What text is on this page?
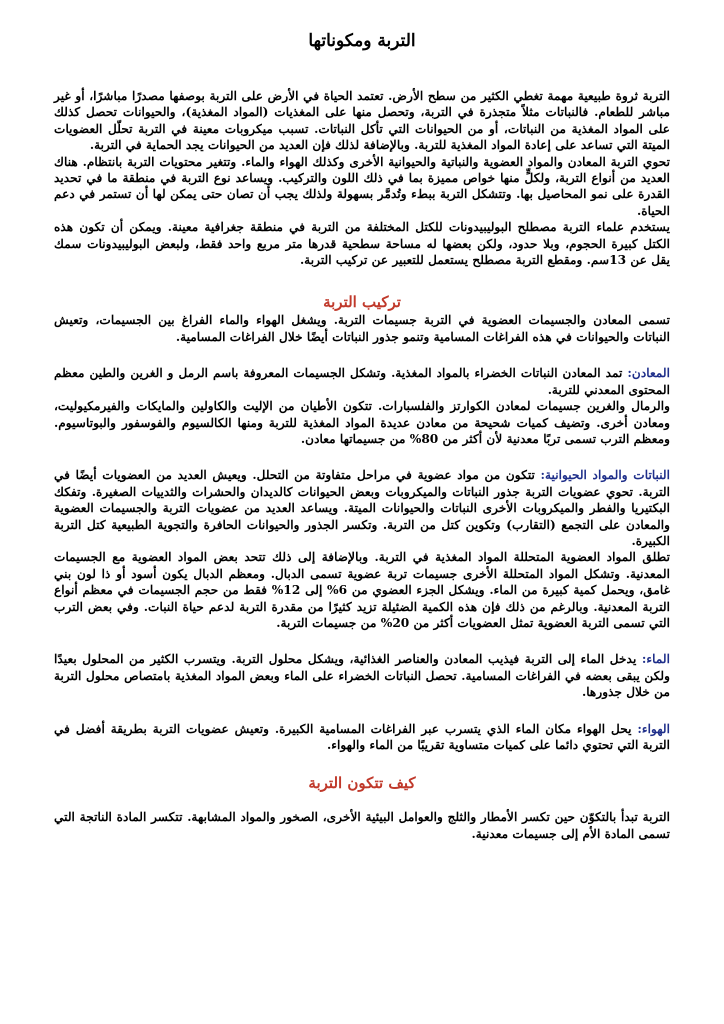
التربة ومكوناتها

التربة ثروة طبيعية مهمة تغطي الكثير من سطح الأرض. تعتمد الحياة في الأرض على التربة بوصفها مصدرًا مباشرًا، أو غير مباشر للطعام. فالنباتات مثلاً متجذرة في التربة، وتحصل منها على المغذيات (المواد المغذية)، والحيوانات تحصل كذلك على المواد المغذية من النباتات، أو من الحيوانات التي تأكل النباتات. تسبب ميكروبات معينة في التربة تحلّل العضويات الميتة التي تساعد على إعادة المواد المغذية للتربة. وبالإضافة لذلك فإن العديد من الحيوانات يجد الحماية في التربة.

تحوي التربة المعادن والمواد العضوية والنباتية والحيوانية الأخرى وكذلك الهواء والماء. وتتغير محتويات التربة بانتظام. هناك العديد من أنواع التربة، ولكلٍّ منها خواص مميزة بما في ذلك اللون والتركيب. ويساعد نوع التربة في منطقة ما في تحديد القدرة على نمو المحاصيل بها. وتتشكل التربة ببطء وتُدمَّر بسهولة ولذلك يجب أن تصان حتى يمكن لها أن تستمر في دعم الحياة.

يستخدم علماء التربة مصطلح البوليبيدونات للكتل المختلفة من التربة في منطقة جغرافية معينة. ويمكن أن تكون هذه الكتل كبيرة الحجوم، وبلا حدود، ولكن بعضها له مساحة سطحية قدرها متر مربع واحد فقط، ولبعض البوليبيدونات سمك يقل عن 13سم. ومقطع التربة مصطلح يستعمل للتعبير عن تركيب التربة.

تركيب التربة

تسمى المعادن والجسيمات العضوية في التربة جسيمات التربة. ويشغل الهواء والماء الفراغ بين الجسيمات، وتعيش النباتات والحيوانات في هذه الفراغات المسامية وتنمو جذور النباتات أيضًا خلال الفراغات المسامية.

المعادن: تمد المعادن النباتات الخضراء بالمواد المغذية. وتشكل الجسيمات المعروفة باسم الرمل و الغرين والطين معظم المحتوى المعدني للتربة.

والرمال والغرين جسيمات لمعادن الكوارتز والفلسبارات. تتكون الأطيان من الإليت والكاولين والمايكات والفيرمكيوليت، ومعادن أخرى. وتضيف كميات شحيحة من معادن عديدة المواد المغذية للتربة ومنها الكالسيوم والفوسفور والبوتاسيوم. ومعظم الترب تسمى تربًا معدنية لأن أكثر من 80% من جسيماتها معادن.

النباتات والمواد الحيوانية: تتكون من مواد عضوية في مراحل متفاوتة من التحلل. ويعيش العديد من العضويات أيضًا في التربة. تحوي عضويات التربة جذور النباتات والميكروبات وبعض الحيوانات كالديدان والحشرات والثدييات الصغيرة. وتفكك البكتيريا والفطر والميكروبات الأخرى النباتات والحيوانات الميتة. ويساعد العديد من عضويات التربة والجسيمات العضوية والمعادن على التجمع (التقارب) وتكوين كتل من التربة. وتكسر الجذور والحيوانات الحافرة والتجوية الطبيعية كتل التربة الكبيرة.

تطلق المواد العضوية المتحللة المواد المغذية في التربة. وبالإضافة إلى ذلك تتحد بعض المواد العضوية مع الجسيمات المعدنية. وتشكل المواد المتحللة الأخرى جسيمات تربة عضوية تسمى الدبال. ومعظم الدبال يكون أسود أو ذا لون بني غامق، ويحمل كمية كبيرة من الماء. ويشكل الجزء العضوي من 6% إلى 12% فقط من حجم الجسيمات في معظم أنواع التربة المعدنية. وبالرغم من ذلك فإن هذه الكمية الضئيلة تزيد كثيرًا من مقدرة التربة لدعم حياة النبات. وفي بعض الترب التي تسمى التربة العضوية تمثل العضويات أكثر من 20% من جسيمات التربة.

الماء: يدخل الماء إلى التربة فيذيب المعادن والعناصر الغذائية، ويشكل محلول التربة. ويتسرب الكثير من المحلول بعيدًا ولكن يبقى بعضه في الفراغات المسامية. تحصل النباتات الخضراء على الماء وبعض المواد المغذية بامتصاص محلول التربة من خلال جذورها.

الهواء: يحل الهواء مكان الماء الذي يتسرب عبر الفراغات المسامية الكبيرة. وتعيش عضويات التربة بطريقة أفضل في التربة التي تحتوي دائما على كميات متساوية تقريبًا من الماء والهواء.

كيف تتكون التربة

التربة تبدأ بالتكوّن حين تكسر الأمطار والثلج والعوامل البيئية الأخرى، الصخور والمواد المشابهة. تتكسر المادة الناتجة التي تسمى المادة الأم إلى جسيمات معدنية.
